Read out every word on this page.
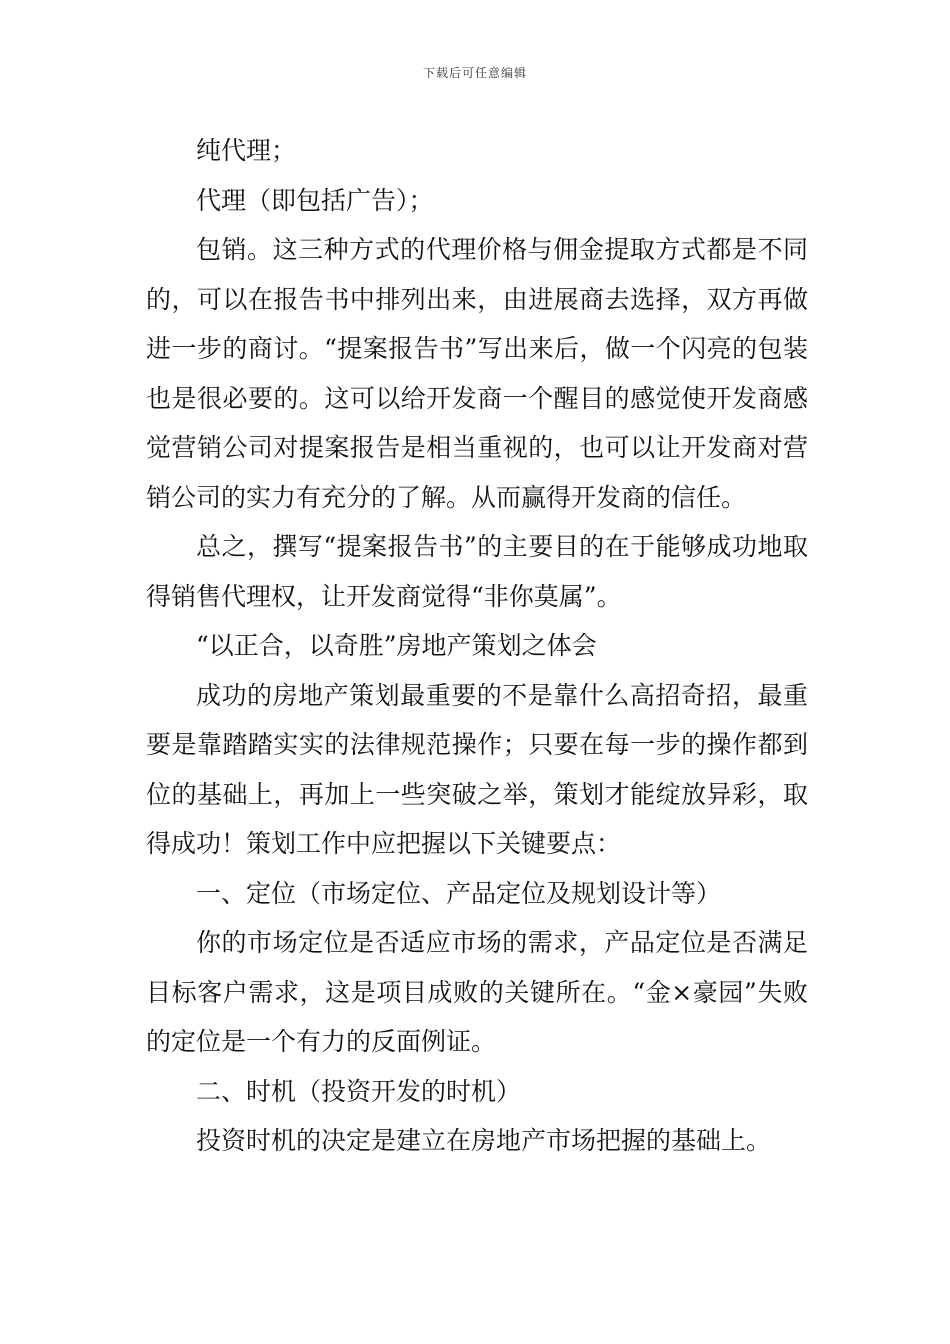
下载后可任意编辑

纯代理；

代理（即包括广告）；

包销。这三种方式的代理价格与佣金提取方式都是不同的，可以在报告书中排列出来，由进展商去选择，双方再做进一步的商讨。“提案报告书”写出来后，做一个闪亮的包装也是很必要的。这可以给开发商一个醒目的感觉使开发商感觉营销公司对提案报告是相当重视的，也可以让开发商对营销公司的实力有充分的了解。从而赢得开发商的信任。

总之，撰写“提案报告书”的主要目的在于能够成功地取得销售代理权，让开发商觉得“非你莫属”。

“以正合，以奇胜”房地产策划之体会

成功的房地产策划最重要的不是靠什么高招奇招，最重要是靠踏踏实实的法律规范操作；只要在每一步的操作都到位的基础上，再加上一些突破之举，策划才能绽放异彩，取得成功！策划工作中应把握以下关键要点：

一、定位（市场定位、产品定位及规划设计等）

你的市场定位是否适应市场的需求，产品定位是否满足目标客户需求，这是项目成败的关键所在。“金×豪园”失败的定位是一个有力的反面例证。

二、时机（投资开发的时机）

投资时机的决定是建立在房地产市场把握的基础上。
